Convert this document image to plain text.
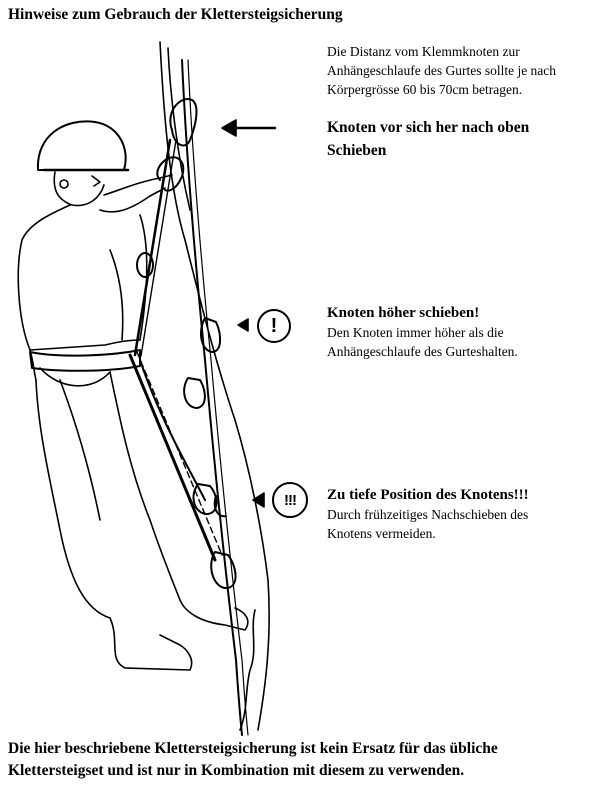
Hinweise zum Gebrauch der Klettersteigsicherung
Die Distanz vom Klemmknoten zur
Anhängeschlaufe des Gurtes sollte je nach
Körpergrösse 60 bis 70cm betragen.
Knoten vor sich her nach oben
Schieben
!
Knoten höher schieben!
Den Knoten immer höher als die
Anhängeschlaufe des Gurteshalten.
!!!	Zu tiefe Position des Knotens!!!
Durch frühzeitiges Nachschieben des
Knotens vermeiden.
Die hier beschriebene Klettersteigsicherung ist kein Ersatz für das übliche
Klettersteigset und ist nur in Kombination mit diesem zu verwenden.
